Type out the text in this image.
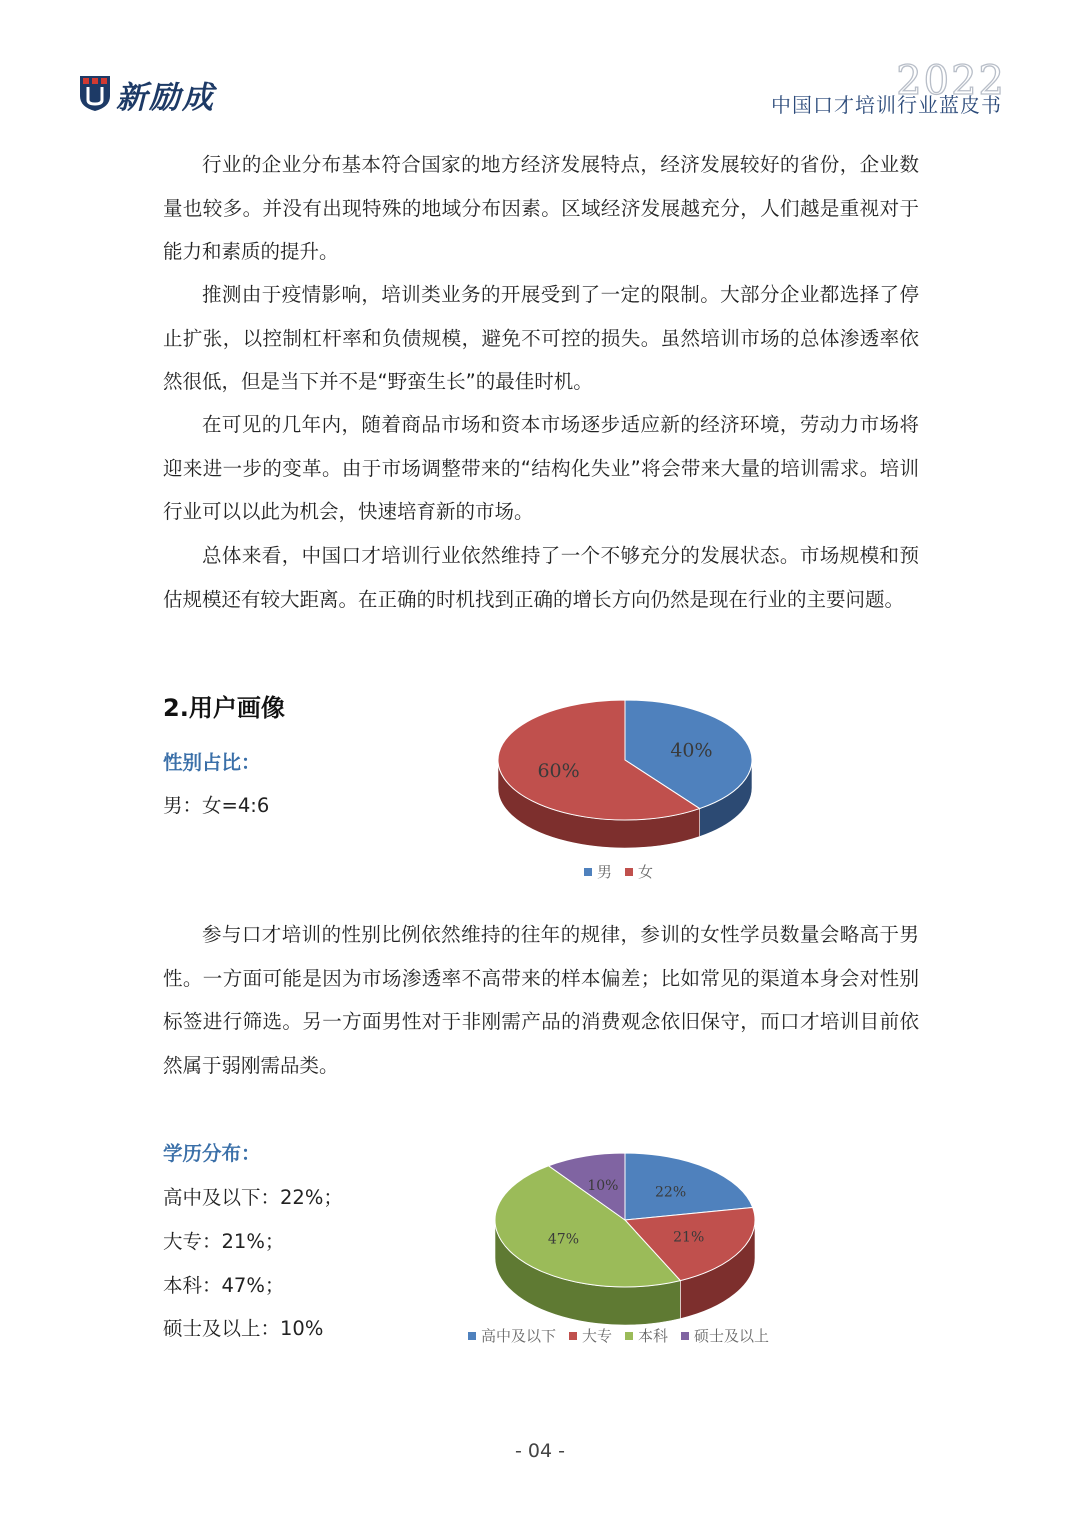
新励成	2022
中国口才培训行业蓝皮书

行业的企业分布基本符合国家的地方经济发展特点，经济发展较好的省份，企业数量也较多。并没有出现特殊的地域分布因素。区域经济发展越充分，人们越是重视对于能力和素质的提升。

推测由于疫情影响，培训类业务的开展受到了一定的限制。大部分企业都选择了停止扩张，以控制杠杆率和负债规模，避免不可控的损失。虽然培训市场的总体渗透率依然很低，但是当下并不是“野蛮生长”的最佳时机。

在可见的几年内，随着商品市场和资本市场逐步适应新的经济环境，劳动力市场将迎来进一步的变革。由于市场调整带来的“结构化失业”将会带来大量的培训需求。培训行业可以以此为机会，快速培育新的市场。

总体来看，中国口才培训行业依然维持了一个不够充分的发展状态。市场规模和预估规模还有较大距离。在正确的时机找到正确的增长方向仍然是现在行业的主要问题。

2.用户画像
性别占比：
男：女=4:6
40%
60%
男 女

参与口才培训的性别比例依然维持的往年的规律，参训的女性学员数量会略高于男性。一方面可能是因为市场渗透率不高带来的样本偏差；比如常见的渠道本身会对性别标签进行筛选。另一方面男性对于非刚需产品的消费观念依旧保守，而口才培训目前依然属于弱刚需品类。

学历分布：
高中及以下：22%；
大专：21%；
本科：47%；
硕士及以上：10%
22%
21%
47%
10%
高中及以下 大专 本科 硕士及以上
- 04 -
